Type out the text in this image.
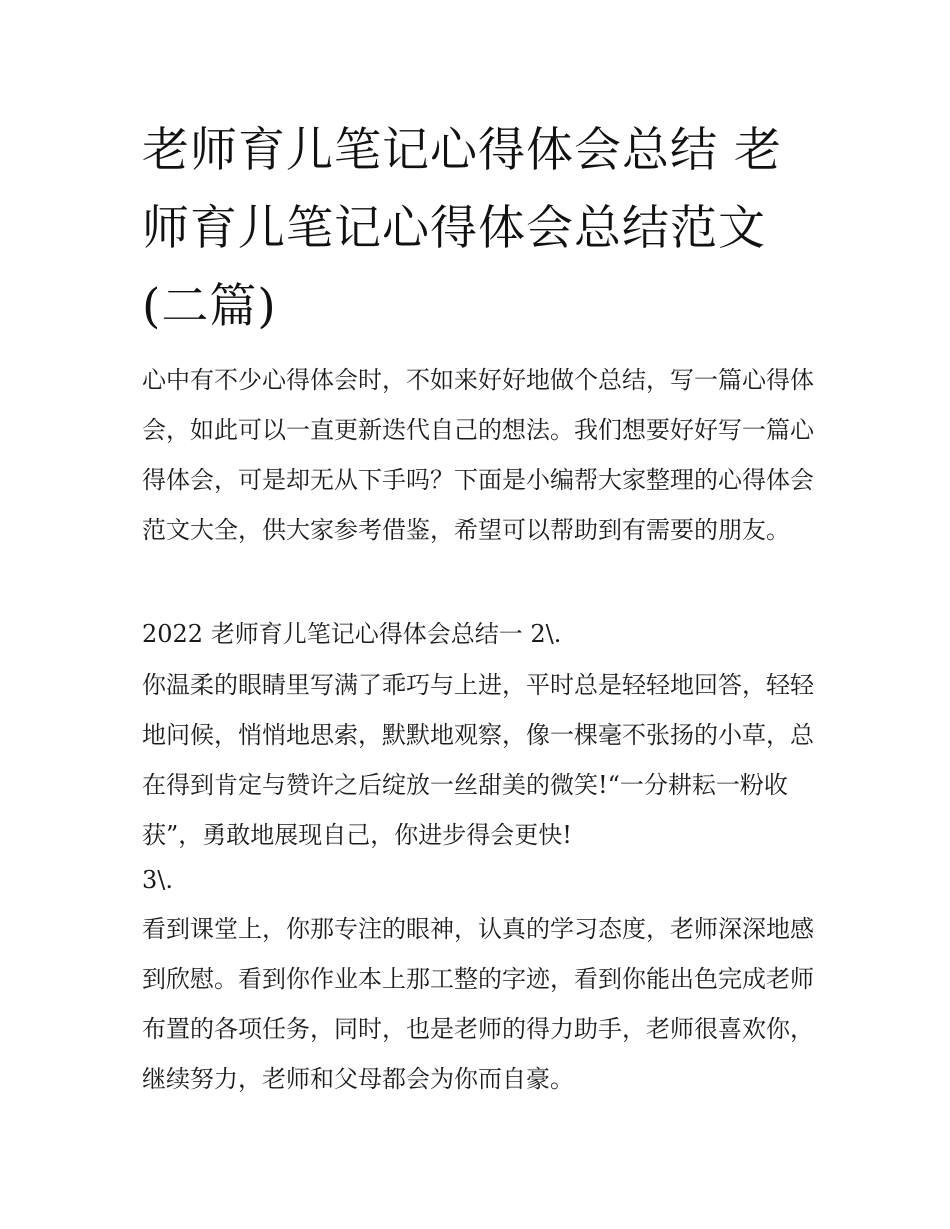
老师育儿笔记心得体会总结 老师育儿笔记心得体会总结范文(二篇)

心中有不少心得体会时，不如来好好地做个总结，写一篇心得体会，如此可以一直更新迭代自己的想法。我们想要好好写一篇心得体会，可是却无从下手吗？下面是小编帮大家整理的心得体会范文大全，供大家参考借鉴，希望可以帮助到有需要的朋友。

2022 老师育儿笔记心得体会总结一 2\.

你温柔的眼睛里写满了乖巧与上进，平时总是轻轻地回答，轻轻地问候，悄悄地思索，默默地观察，像一棵毫不张扬的小草，总在得到肯定与赞许之后绽放一丝甜美的微笑!“一分耕耘一粉收获”，勇敢地展现自己，你进步得会更快!

3\.

看到课堂上，你那专注的眼神，认真的学习态度，老师深深地感到欣慰。看到你作业本上那工整的字迹，看到你能出色完成老师布置的各项任务，同时，也是老师的得力助手，老师很喜欢你，继续努力，老师和父母都会为你而自豪。
